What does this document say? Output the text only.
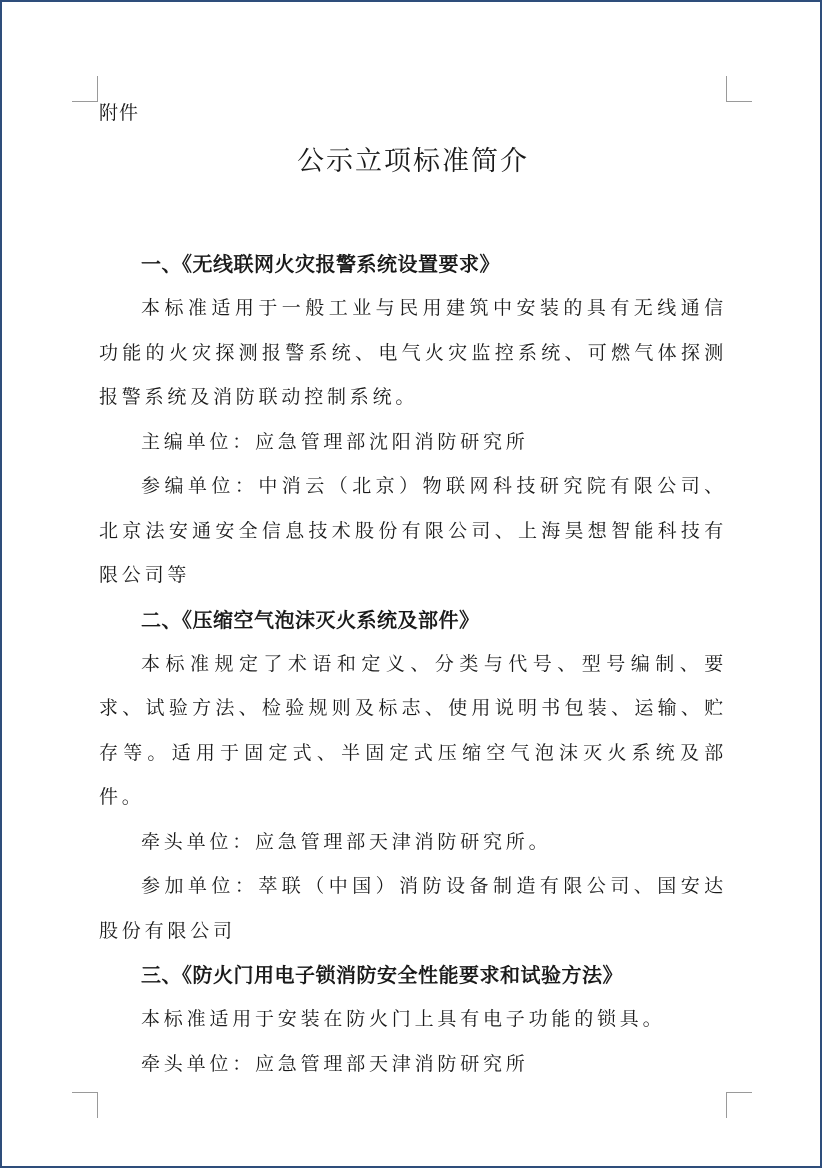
附件

公示立项标准简介
一、《无线联网火灾报警系统设置要求》

本标准适用于一般工业与民用建筑中安装的具有无线通信功能的火灾探测报警系统、电气火灾监控系统、可燃气体探测报警系统及消防联动控制系统。

主编单位：应急管理部沈阳消防研究所

参编单位：中消云（北京）物联网科技研究院有限公司、北京法安通安全信息技术股份有限公司、上海昊想智能科技有限公司等

二、《压缩空气泡沫灭火系统及部件》

本标准规定了术语和定义、分类与代号、型号编制、要求、试验方法、检验规则及标志、使用说明书包装、运输、贮存等。适用于固定式、半固定式压缩空气泡沫灭火系统及部件。

牵头单位：应急管理部天津消防研究所。

参加单位：萃联（中国）消防设备制造有限公司、国安达股份有限公司

三、《防火门用电子锁消防安全性能要求和试验方法》

本标准适用于安装在防火门上具有电子功能的锁具。

牵头单位：应急管理部天津消防研究所
